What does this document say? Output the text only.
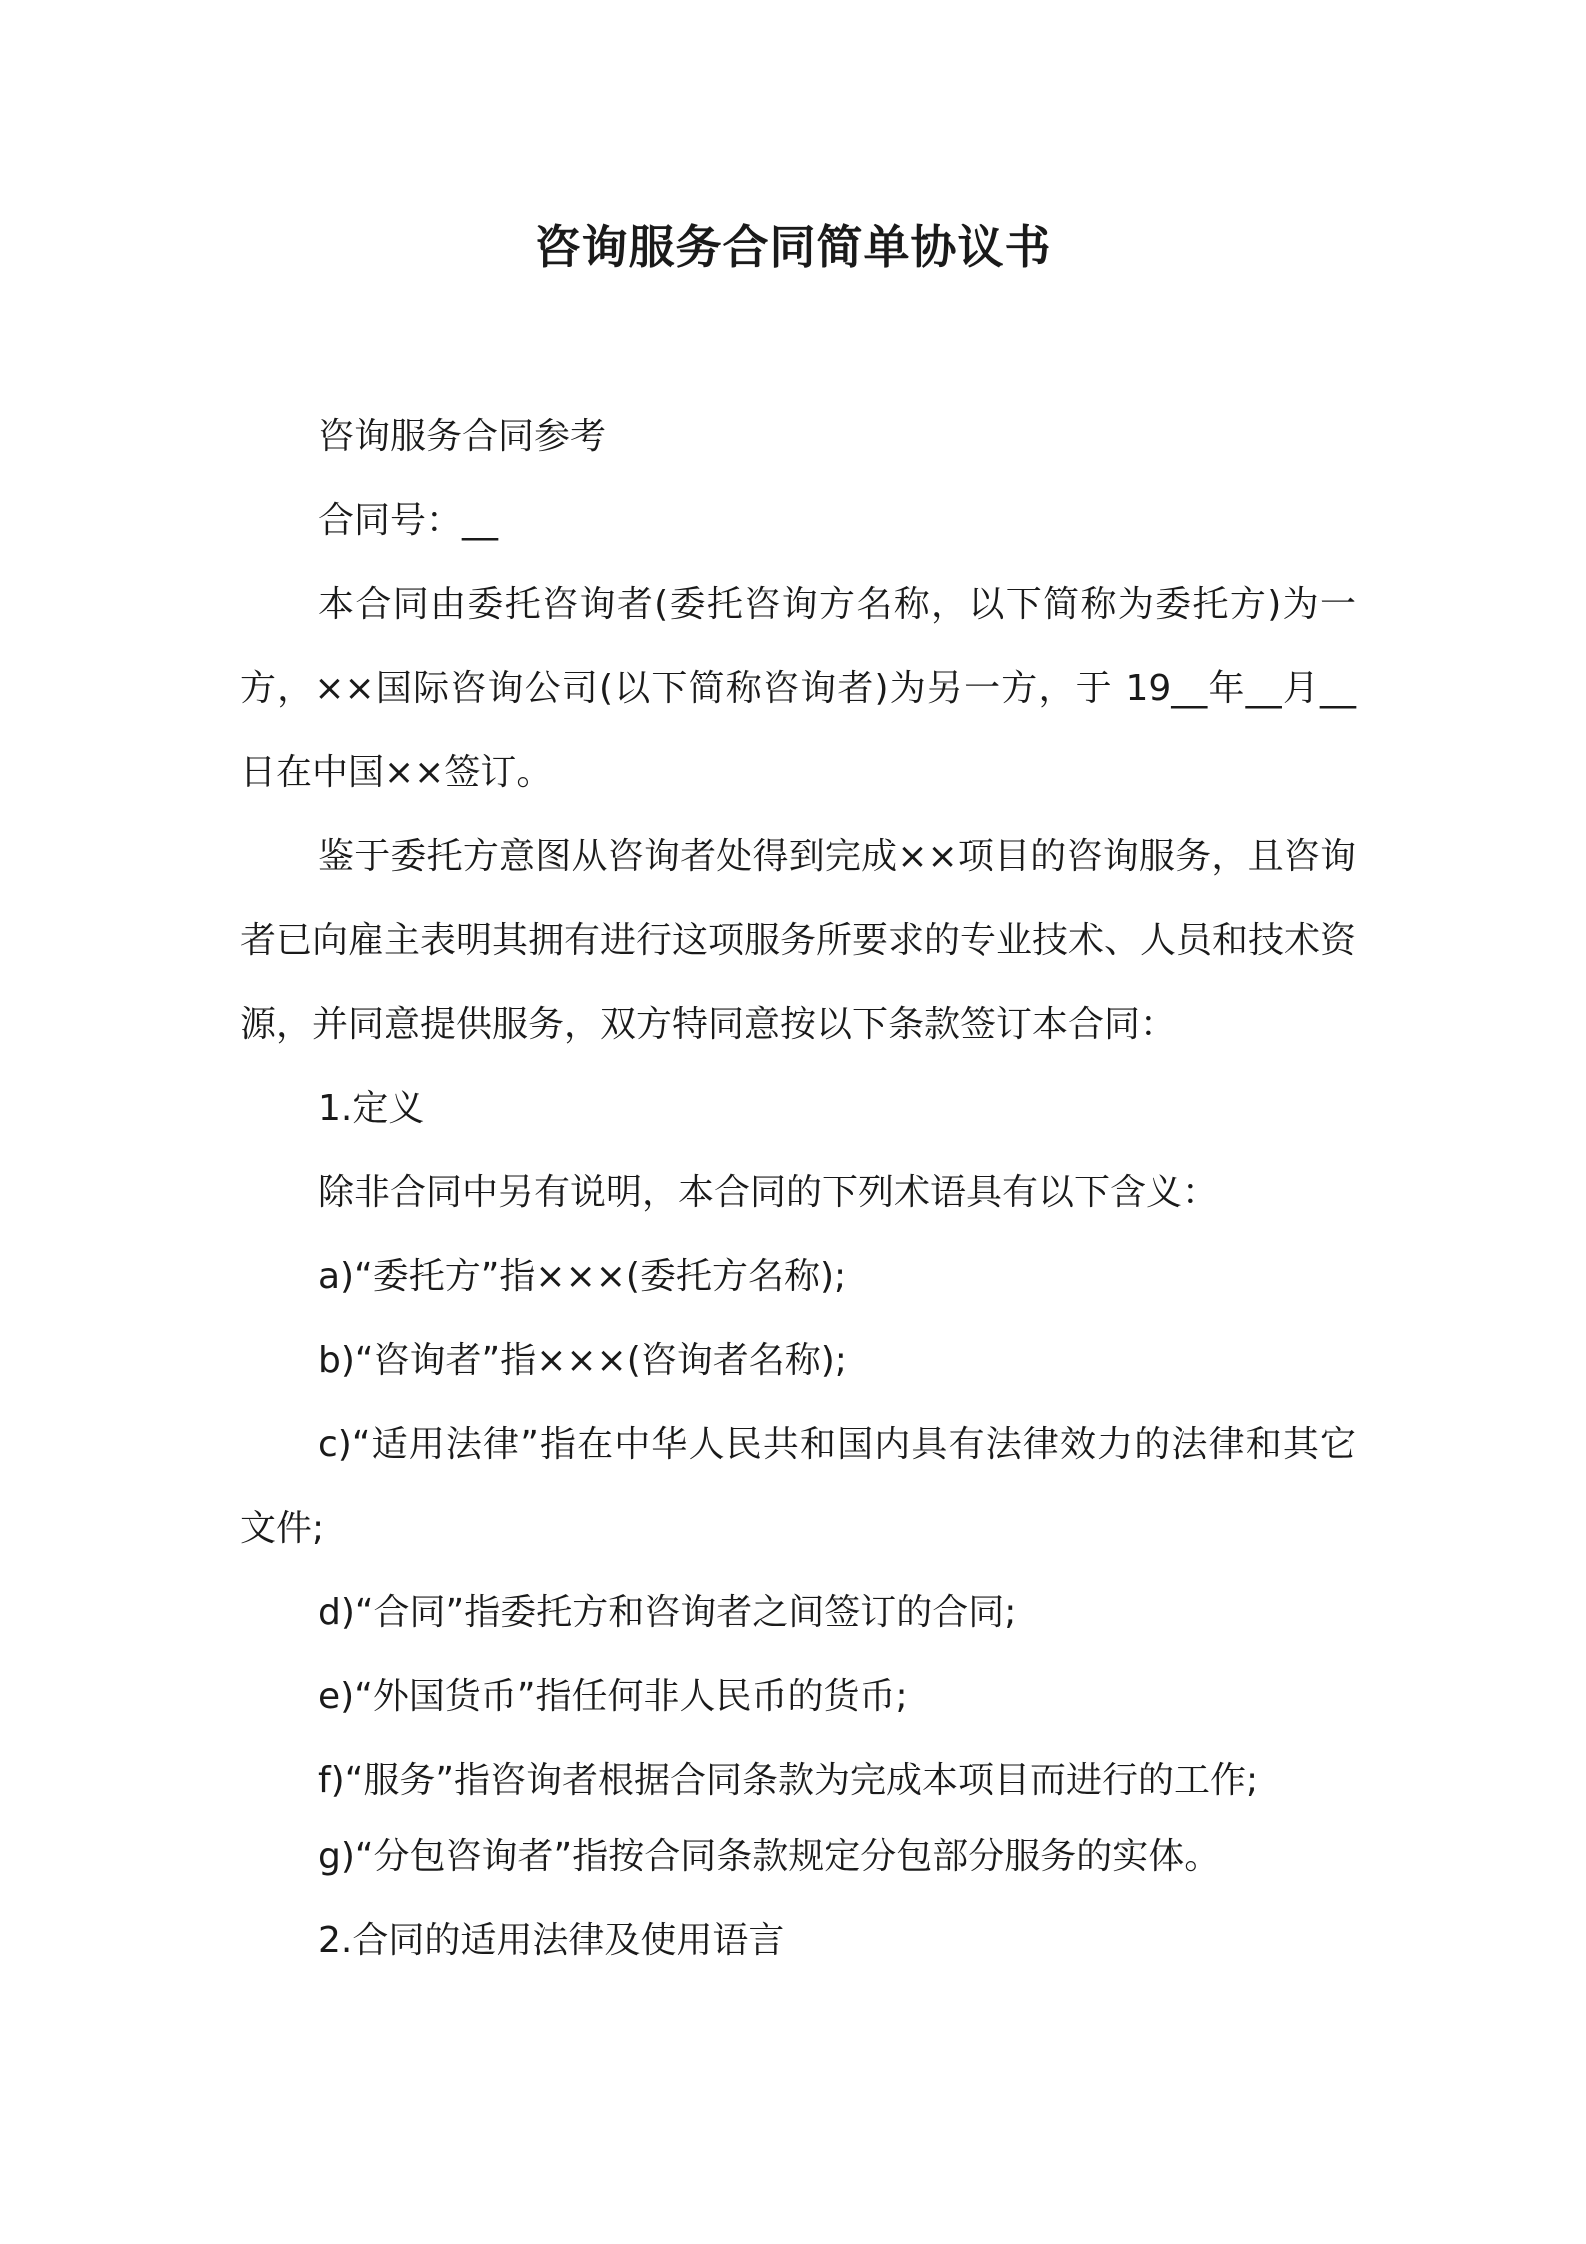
咨询服务合同简单协议书

咨询服务合同参考

合同号：__

本合同由委托咨询者(委托咨询方名称，以下简称为委托方)为一方，××国际咨询公司(以下简称咨询者)为另一方，于 19__年__月__日在中国××签订。

鉴于委托方意图从咨询者处得到完成××项目的咨询服务，且咨询者已向雇主表明其拥有进行这项服务所要求的专业技术、人员和技术资源，并同意提供服务，双方特同意按以下条款签订本合同：

1.定义

除非合同中另有说明，本合同的下列术语具有以下含义：

a)“委托方”指×××(委托方名称);

b)“咨询者”指×××(咨询者名称);

c)“适用法律”指在中华人民共和国内具有法律效力的法律和其它文件;

d)“合同”指委托方和咨询者之间签订的合同;

e)“外国货币”指任何非人民币的货币;

f)“服务”指咨询者根据合同条款为完成本项目而进行的工作;

g)“分包咨询者”指按合同条款规定分包部分服务的实体。

2.合同的适用法律及使用语言
